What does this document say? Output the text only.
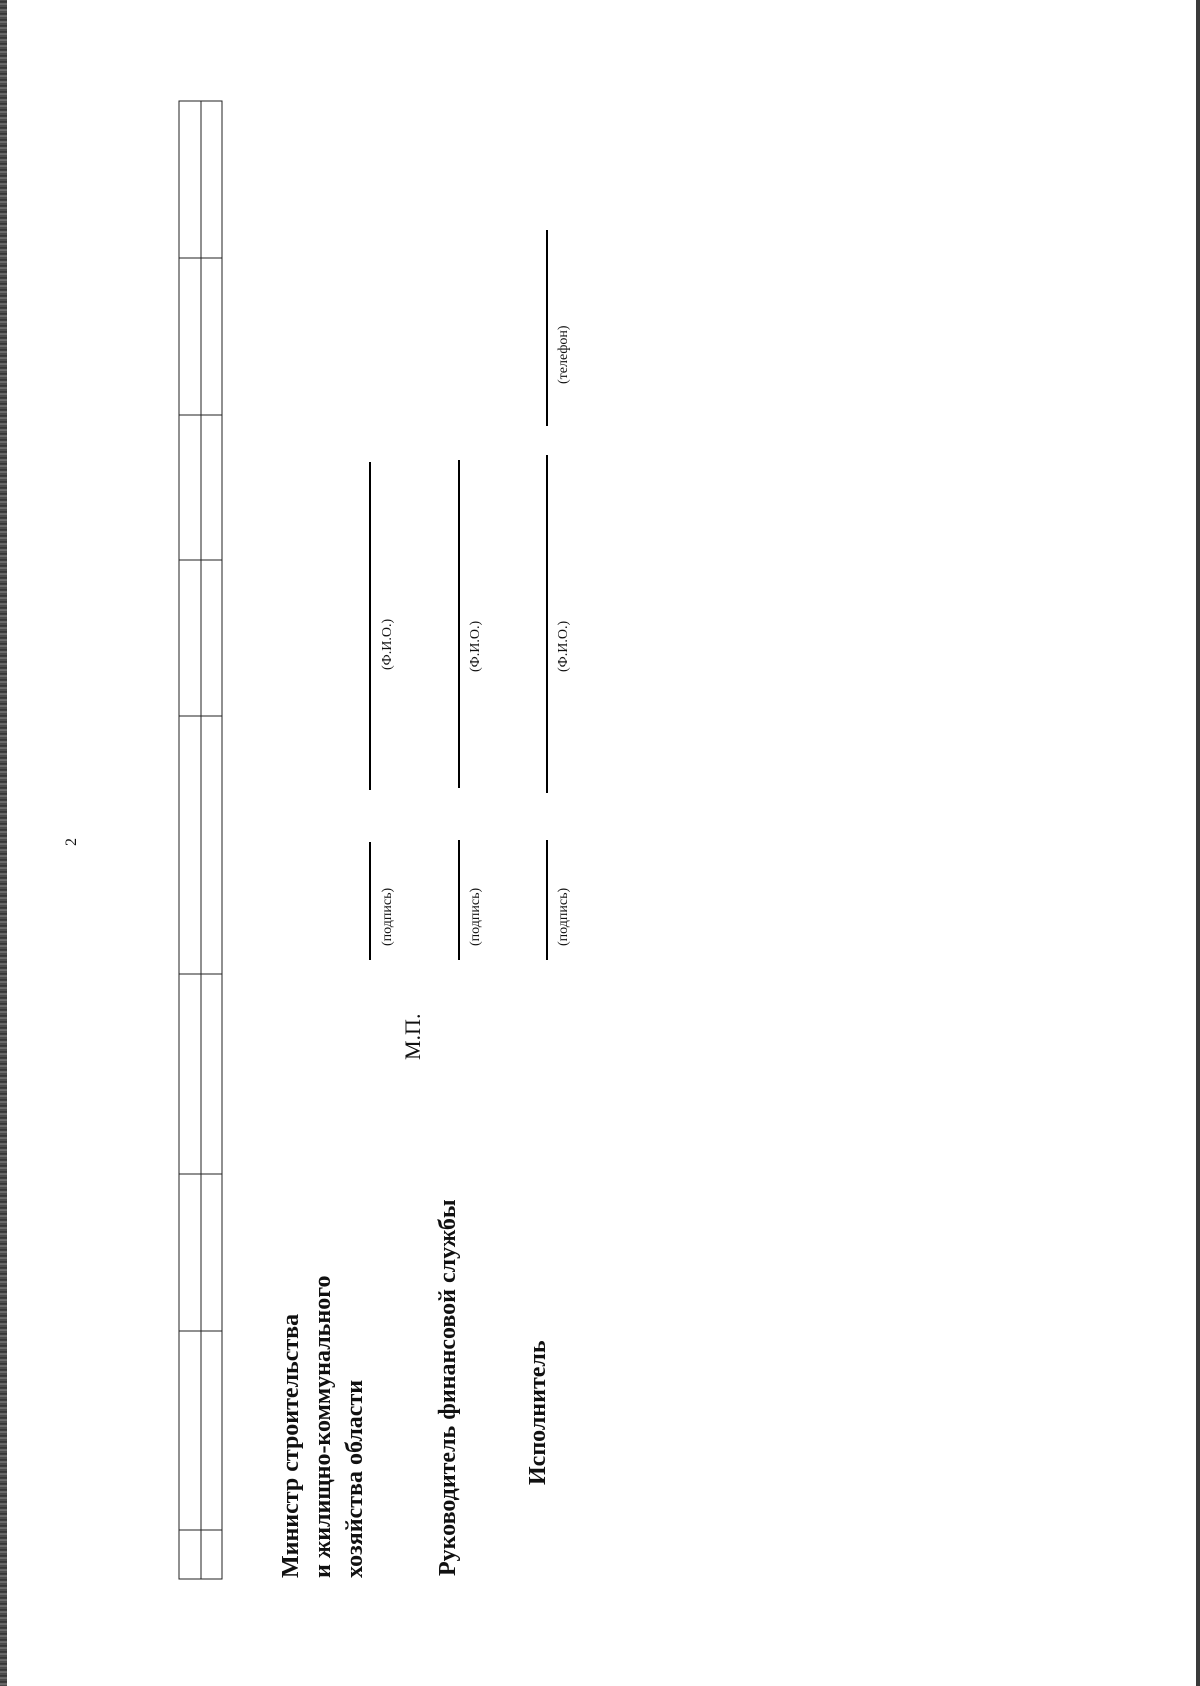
2
Министр строительства и жилищно-коммунального хозяйства области
М.П.
(подпись)
(Ф.И.О.)
Руководитель финансовой службы
(подпись)
(Ф.И.О.)
Исполнитель
(подпись)
(Ф.И.О.)
(телефон)
